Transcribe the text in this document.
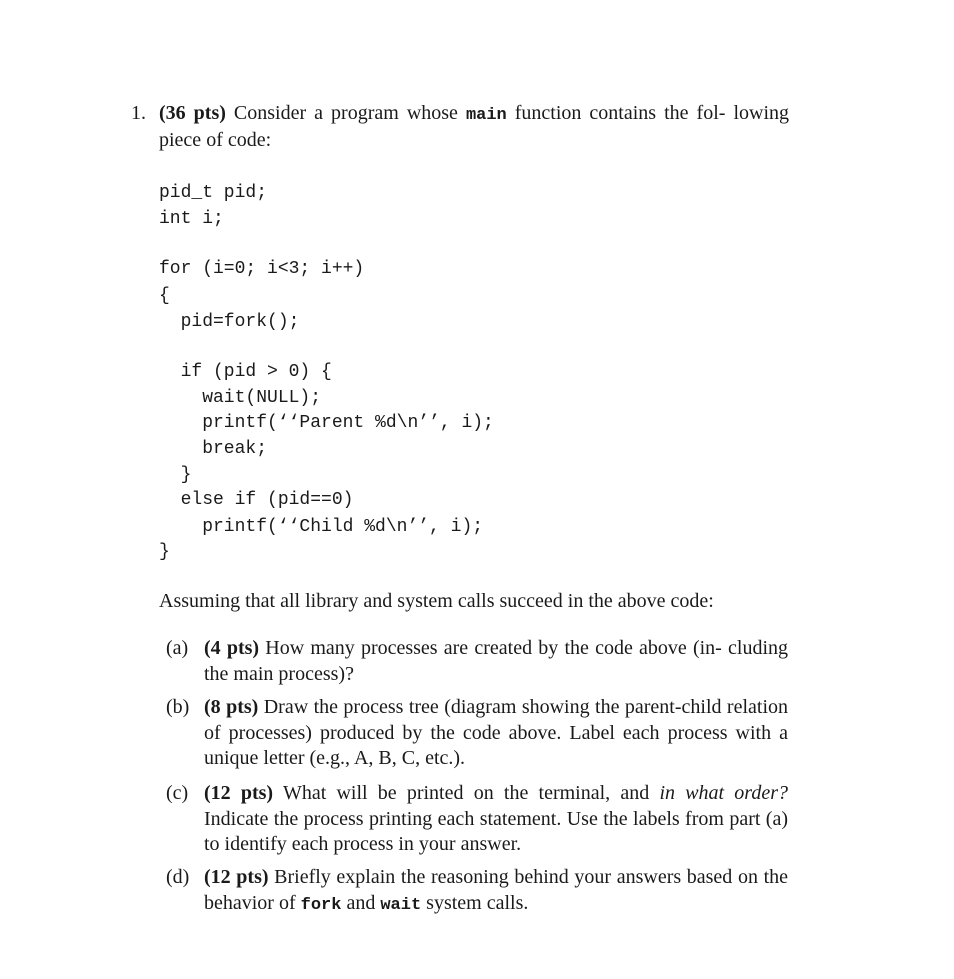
1. (36 pts) Consider a program whose main function contains the fol- lowing piece of code:
pid_t pid;
int i;
for (i=0; i<3; i++)
{
pid=fork();
if (pid > 0) {
wait(NULL);
printf(‘‘Parent %d\n’’, i);
break;
}
else if (pid==0)
printf(‘‘Child %d\n’’, i);
}
Assuming that all library and system calls succeed in the above code:
(a) (4 pts) How many processes are created by the code above (in- cluding the main process)?
(b) (8 pts) Draw the process tree (diagram showing the parent-child relation of processes) produced by the code above. Label each process with a unique letter (e.g., A, B, C, etc.).
(c) (12 pts) What will be printed on the terminal, and in what order? Indicate the process printing each statement. Use the labels from part (a) to identify each process in your answer.
(d) (12 pts) Briefly explain the reasoning behind your answers based on the behavior of fork and wait system calls.
